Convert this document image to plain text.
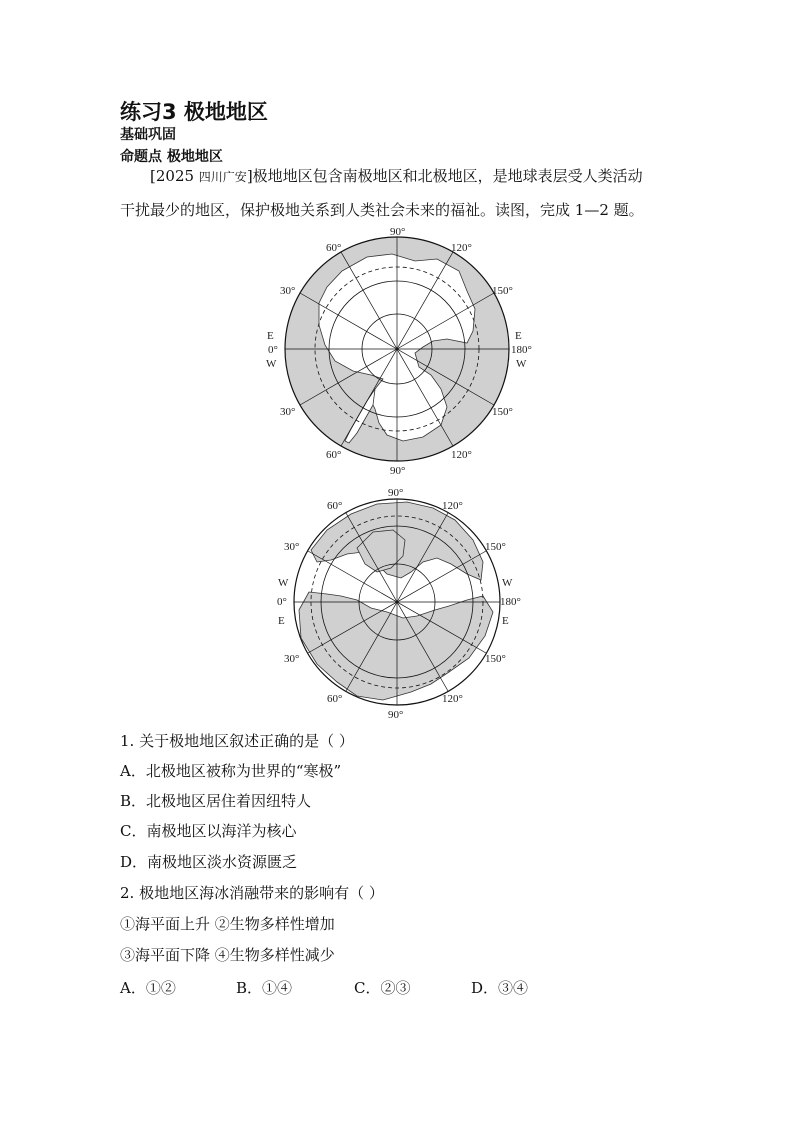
练习3 极地地区
基础巩固
命题点 极地地区
[2025 四川广安]极地地区包含南极地区和北极地区，是地球表层受人类活动
干扰最少的地区，保护极地关系到人类社会未来的福祉。读图，完成 1—2 题。
90°
90°
60°	120°
30°	150°
30°	150°
60°	120°
E
0°
W
E
180°
W
90°
90°
60°	120°
30°	150°
30°	150°
60°	120°
W
0°
E
W
180°
E
1. 关于极地地区叙述正确的是（ ）
A．北极地区被称为世界的“寒极”
B．北极地区居住着因纽特人
C．南极地区以海洋为核心
D．南极地区淡水资源匮乏
2. 极地地区海冰消融带来的影响有（ ）
①海平面上升 ②生物多样性增加
③海平面下降 ④生物多样性减少
A．①②	B．①④	C．②③	D．③④
